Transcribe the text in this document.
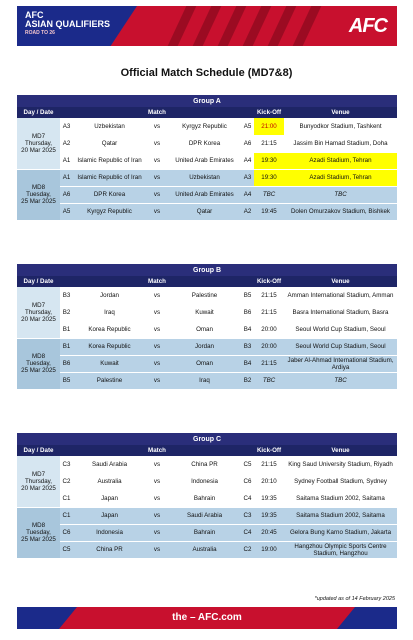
AFC
ASIAN QUALIFIERS
ROAD TO 26	AFC
Official Match Schedule (MD7&8)
Group A							
Day / Date	Match					Kick-Off	Venue

MD7
Thursday,
20 Mar 2025	A3	Uzbekistan	vs	Kyrgyz Republic	A5	21:00	Bunyodkor Stadium, Tashkent
	A2	Qatar	vs	DPR Korea	A6	21:15	Jassim Bin Hamad Stadium, Doha
	A1	Islamic Republic of Iran	vs	United Arab Emirates	A4	19:30	Azadi Stadium, Tehran

MD8
Tuesday,
25 Mar 2025	A1	Islamic Republic of Iran	vs	Uzbekistan	A3	19:30	Azadi Stadium, Tehran
	A6	DPR Korea	vs	United Arab Emirates	A4	TBC	TBC
	A5	Kyrgyz Republic	vs	Qatar	A2	19:45	Dolen Omurzakov Stadium, Bishkek
Group B							
Day / Date	Match					Kick-Off	Venue

MD7
Thursday,
20 Mar 2025	B3	Jordan	vs	Palestine	B5	21:15	Amman International Stadium, Amman
	B2	Iraq	vs	Kuwait	B6	21:15	Basra International Stadium, Basra
	B1	Korea Republic	vs	Oman	B4	20:00	Seoul World Cup Stadium, Seoul

MD8
Tuesday,
25 Mar 2025	B1	Korea Republic	vs	Jordan	B3	20:00	Seoul World Cup Stadium, Seoul
	B6	Kuwait	vs	Oman	B4	21:15	Jaber Al-Ahmad International Stadium, Ardiya
	B5	Palestine	vs	Iraq	B2	TBC	TBC
Group C							
Day / Date	Match					Kick-Off	Venue

MD7
Thursday,
20 Mar 2025	C3	Saudi Arabia	vs	China PR	C5	21:15	King Saud University Stadium, Riyadh
	C2	Australia	vs	Indonesia	C6	20:10	Sydney Football Stadium, Sydney
	C1	Japan	vs	Bahrain	C4	19:35	Saitama Stadium 2002, Saitama

MD8
Tuesday,
25 Mar 2025	C1	Japan	vs	Saudi Arabia	C3	19:35	Saitama Stadium 2002, Saitama
	C6	Indonesia	vs	Bahrain	C4	20:45	Gelora Bung Karno Stadium, Jakarta
	C5	China PR	vs	Australia	C2	19:00	Hangzhou Olympic Sports Centre Stadium, Hangzhou
*updated as of 14 February 2025
the – AFC.com
